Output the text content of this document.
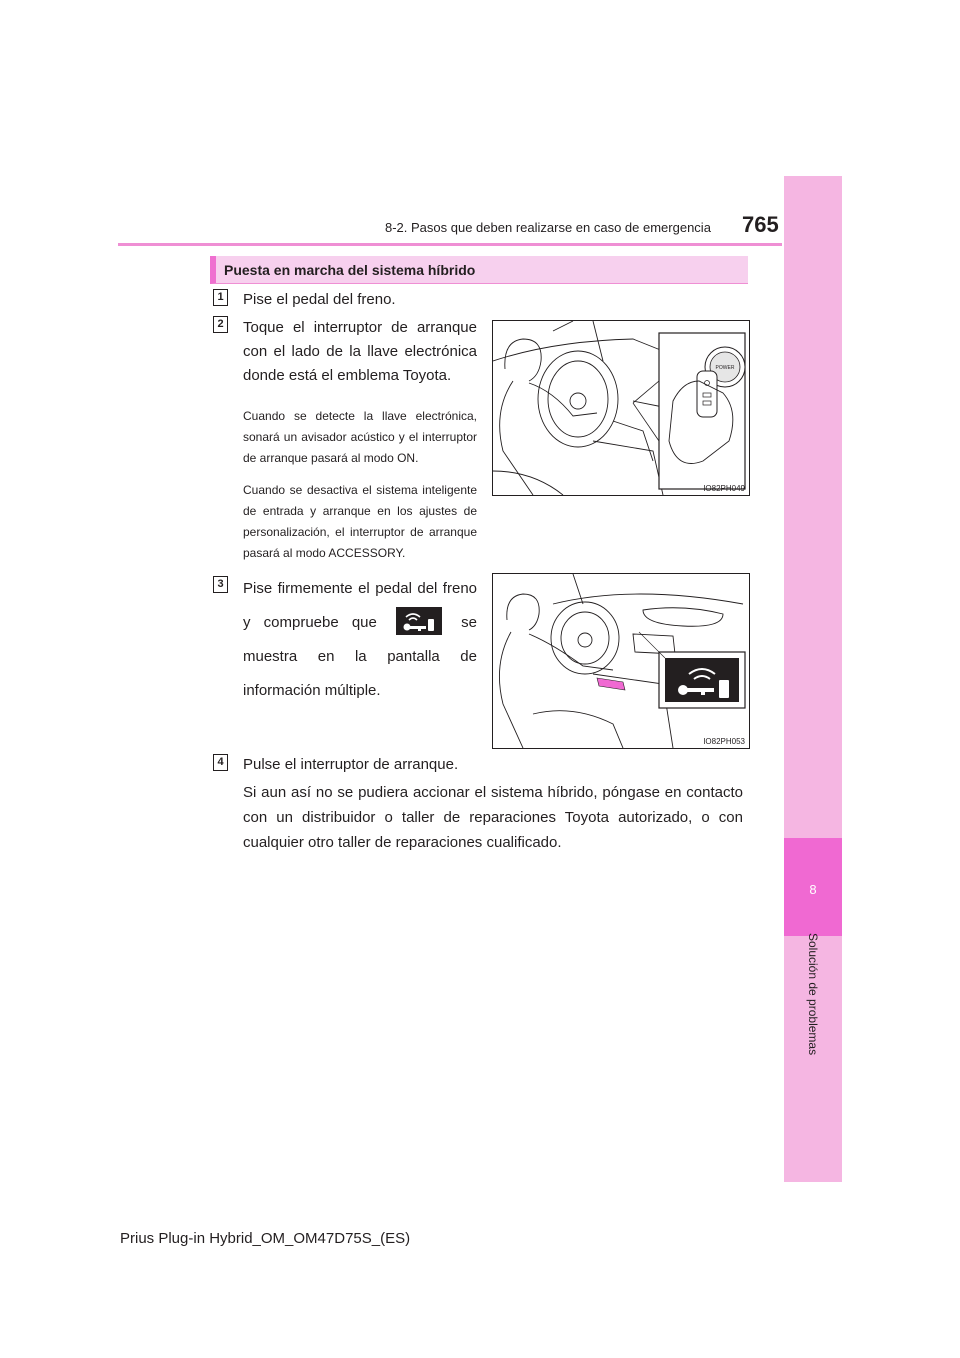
8-2. Pasos que deben realizarse en caso de emergencia 765
8
Solución de problemas
Puesta en marcha del sistema híbrido
1 Pise el pedal del freno.
2 Toque el interruptor de arranque con el lado de la llave electrónica donde está el emblema Toyota.
Cuando se detecte la llave electrónica, sonará un avisador acústico y el interruptor de arranque pasará al modo ON.
Cuando se desactiva el sistema inteligente de entrada y arranque en los ajustes de personalización, el interruptor de arranque pasará al modo ACCESSORY.
POWER
IO82PH049
3 Pise firmemente el pedal del freno y compruebe que	se muestra en la pantalla de información múltiple.
IO82PH053
4 Pulse el interruptor de arranque.
Si aun así no se pudiera accionar el sistema híbrido, póngase en contacto con un distribuidor o taller de reparaciones Toyota autorizado, o con cualquier otro taller de reparaciones cualificado.
Prius Plug-in Hybrid_OM_OM47D75S_(ES)
